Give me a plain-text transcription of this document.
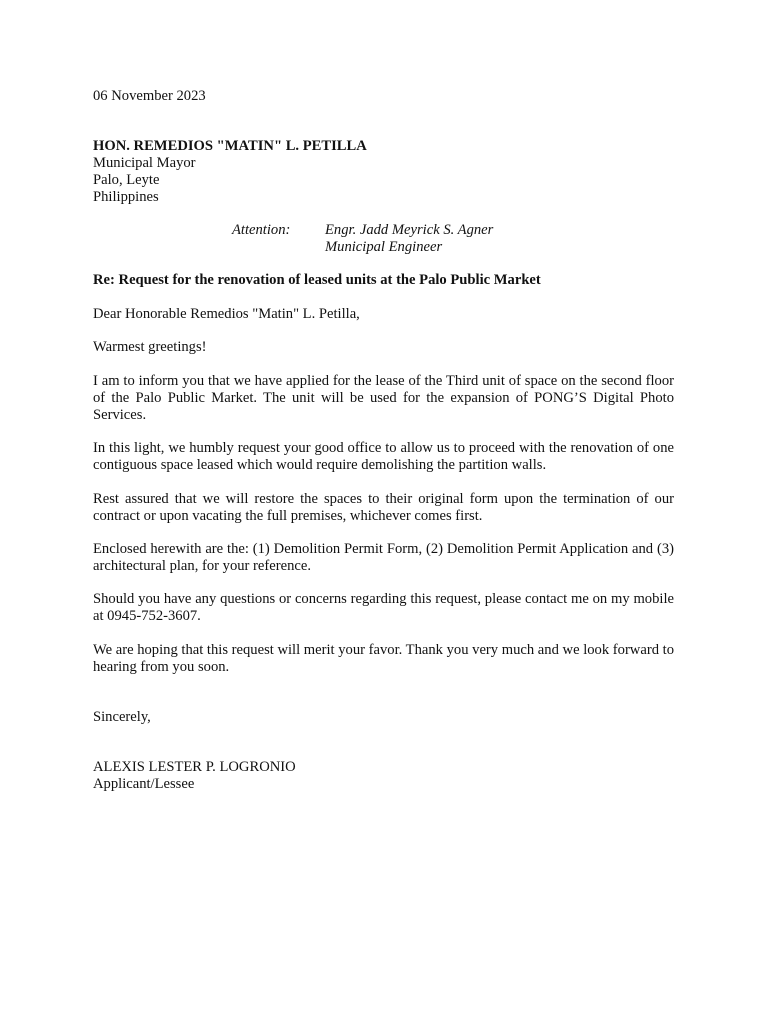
06 November 2023
HON. REMEDIOS "MATIN" L. PETILLA
Municipal Mayor
Palo, Leyte
Philippines
Attention: Engr. Jadd Meyrick S. Agner
Municipal Engineer
Re: Request for the renovation of leased units at the Palo Public Market
Dear Honorable Remedios "Matin" L. Petilla,
Warmest greetings!

I am to inform you that we have applied for the lease of the Third unit of space on the second floor of the Palo Public Market. The unit will be used for the expansion of PONG’S Digital Photo Services.

In this light, we humbly request your good office to allow us to proceed with the renovation of one contiguous space leased which would require demolishing the partition walls.

Rest assured that we will restore the spaces to their original form upon the termination of our contract or upon vacating the full premises, whichever comes first.

Enclosed herewith are the: (1) Demolition Permit Form, (2) Demolition Permit Application and (3) architectural plan, for your reference.

Should you have any questions or concerns regarding this request, please contact me on my mobile at 0945-752-3607.

We are hoping that this request will merit your favor. Thank you very much and we look forward to hearing from you soon.

Sincerely,
ALEXIS LESTER P. LOGRONIO
Applicant/Lessee
